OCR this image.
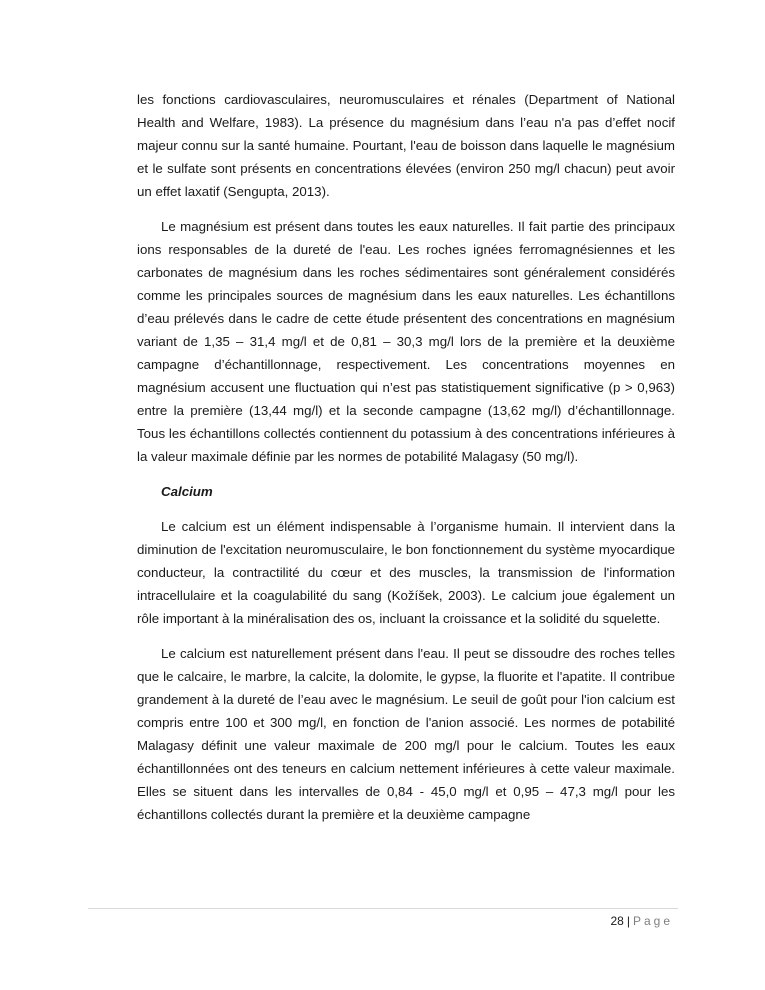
les fonctions cardiovasculaires, neuromusculaires et rénales (Department of National Health and Welfare, 1983). La présence du magnésium dans l’eau n'a pas d’effet nocif majeur connu sur la santé humaine. Pourtant, l'eau de boisson dans laquelle le magnésium et le sulfate sont présents en concentrations élevées (environ 250 mg/l chacun) peut avoir un effet laxatif (Sengupta, 2013).

Le magnésium est présent dans toutes les eaux naturelles. Il fait partie des principaux ions responsables de la dureté de l'eau. Les roches ignées ferromagnésiennes et les carbonates de magnésium dans les roches sédimentaires sont généralement considérés comme les principales sources de magnésium dans les eaux naturelles. Les échantillons d’eau prélevés dans le cadre de cette étude présentent des concentrations en magnésium variant de 1,35 – 31,4 mg/l et de 0,81 – 30,3 mg/l lors de la première et la deuxième campagne d’échantillonnage, respectivement. Les concentrations moyennes en magnésium accusent une fluctuation qui n’est pas statistiquement significative (p > 0,963) entre la première (13,44 mg/l) et la seconde campagne (13,62 mg/l) d’échantillonnage. Tous les échantillons collectés contiennent du potassium à des concentrations inférieures à la valeur maximale définie par les normes de potabilité Malagasy (50 mg/l).

Calcium

Le calcium est un élément indispensable à l’organisme humain. Il intervient dans la diminution de l'excitation neuromusculaire, le bon fonctionnement du système myocardique conducteur, la contractilité du cœur et des muscles, la transmission de l'information intracellulaire et la coagulabilité du sang (Kožíšek, 2003). Le calcium joue également un rôle important à la minéralisation des os, incluant la croissance et la solidité du squelette.

Le calcium est naturellement présent dans l'eau. Il peut se dissoudre des roches telles que le calcaire, le marbre, la calcite, la dolomite, le gypse, la fluorite et l'apatite. Il contribue grandement à la dureté de l’eau avec le magnésium. Le seuil de goût pour l'ion calcium est compris entre 100 et 300 mg/l, en fonction de l'anion associé. Les normes de potabilité Malagasy définit une valeur maximale de 200 mg/l pour le calcium. Toutes les eaux échantillonnées ont des teneurs en calcium nettement inférieures à cette valeur maximale. Elles se situent dans les intervalles de 0,84 - 45,0 mg/l et 0,95 – 47,3 mg/l pour les échantillons collectés durant la première et la deuxième campagne

28 | Page
